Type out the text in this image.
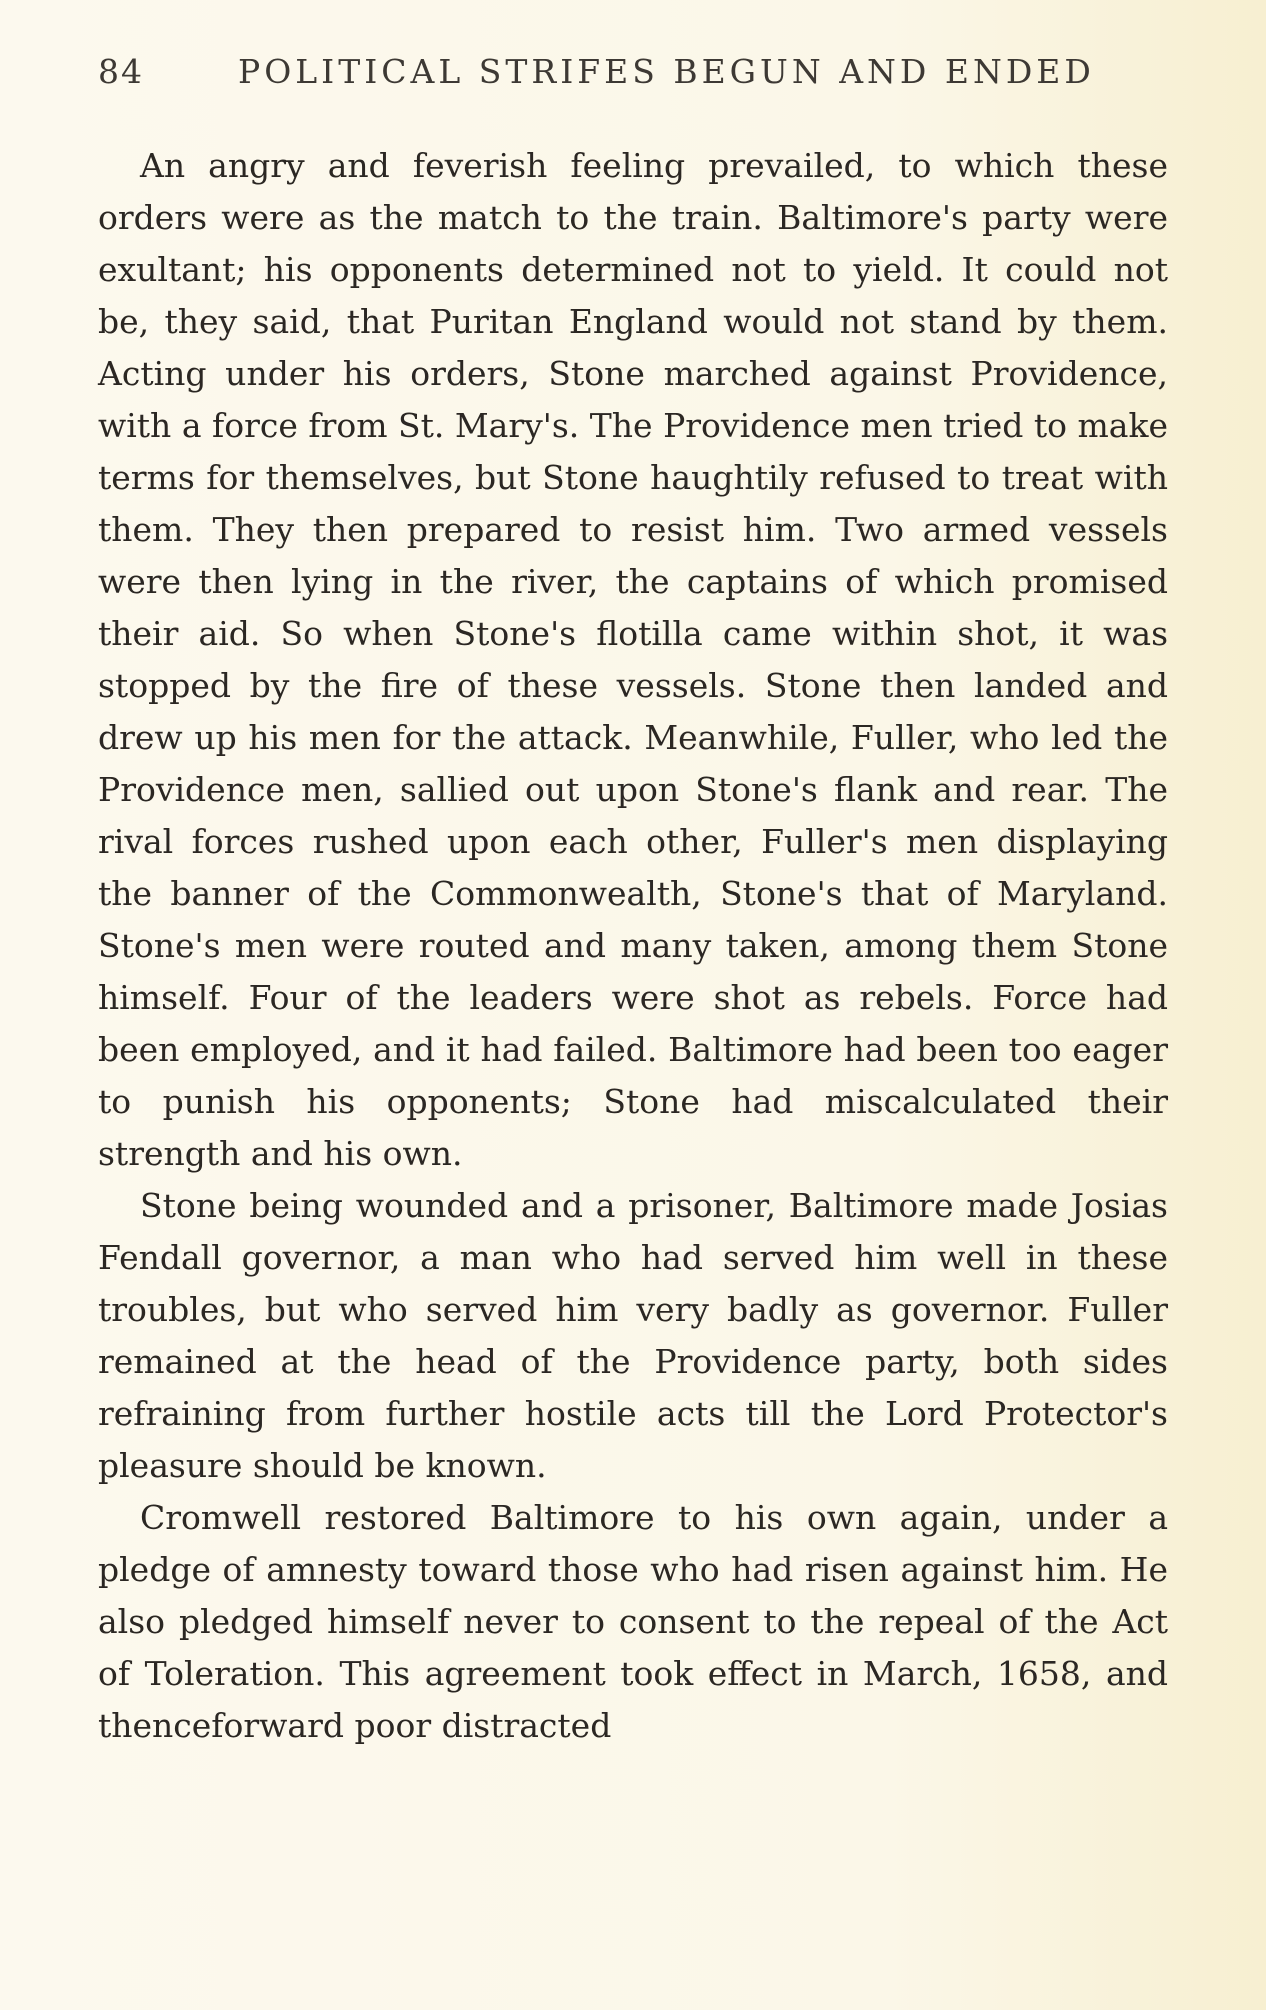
84	POLITICAL STRIFES BEGUN AND ENDED

An angry and feverish feeling prevailed, to which these orders were as the match to the train. Baltimore's party were exultant; his opponents determined not to yield. It could not be, they said, that Puritan England would not stand by them. Acting under his orders, Stone marched against Providence, with a force from St. Mary's. The Providence men tried to make terms for themselves, but Stone haughtily refused to treat with them. They then prepared to resist him. Two armed vessels were then lying in the river, the captains of which promised their aid. So when Stone's flotilla came within shot, it was stopped by the fire of these vessels. Stone then landed and drew up his men for the attack. Meanwhile, Fuller, who led the Providence men, sallied out upon Stone's flank and rear. The rival forces rushed upon each other, Fuller's men displaying the banner of the Commonwealth, Stone's that of Maryland. Stone's men were routed and many taken, among them Stone himself. Four of the leaders were shot as rebels. Force had been employed, and it had failed. Baltimore had been too eager to punish his opponents; Stone had miscalculated their strength and his own.

Stone being wounded and a prisoner, Baltimore made Josias Fendall governor, a man who had served him well in these troubles, but who served him very badly as governor. Fuller remained at the head of the Providence party, both sides refraining from further hostile acts till the Lord Protector's pleasure should be known.

Cromwell restored Baltimore to his own again, under a pledge of amnesty toward those who had risen against him. He also pledged himself never to consent to the repeal of the Act of Toleration. This agreement took effect in March, 1658, and thenceforward poor distracted
